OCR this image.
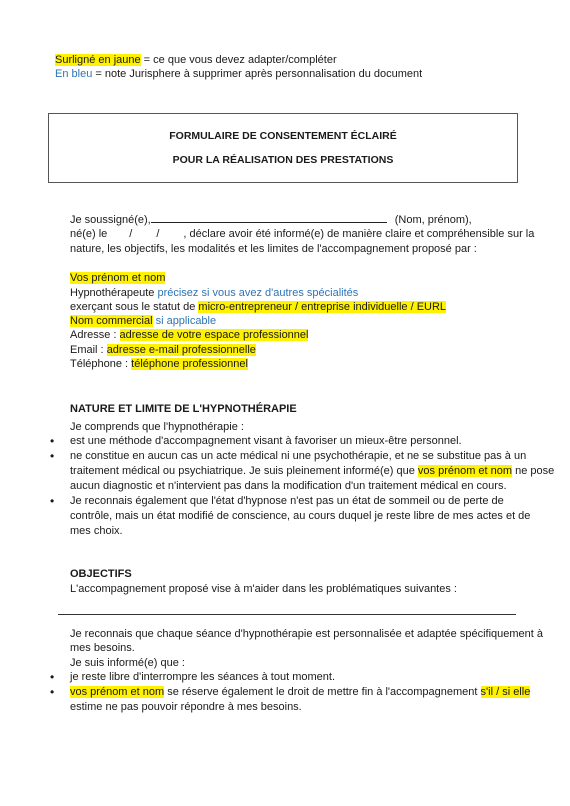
Surligné en jaune = ce que vous devez adapter/compléter
En bleu = note Jurisphere à supprimer après personnalisation du document
FORMULAIRE DE CONSENTEMENT ÉCLAIRÉ
POUR LA RÉALISATION DES PRESTATIONS
Je soussigné(e),	(Nom, prénom),
né(e) le / / , déclare avoir été informé(e) de manière claire et compréhensible sur la
nature, les objectifs, les modalités et les limites de l'accompagnement proposé par :
Vos prénom et nom
Hypnothérapeute précisez si vous avez d'autres spécialités
exerçant sous le statut de micro-entrepreneur / entreprise individuelle / EURL
Nom commercial si applicable
Adresse : adresse de votre espace professionnel
Email : adresse e-mail professionnelle
Téléphone : téléphone professionnel
NATURE ET LIMITE DE L'HYPNOTHÉRAPIE
Je comprends que l'hypnothérapie :
• est une méthode d'accompagnement visant à favoriser un mieux-être personnel.
• ne constitue en aucun cas un acte médical ni une psychothérapie, et ne se substitue pas à un
traitement médical ou psychiatrique. Je suis pleinement informé(e) que vos prénom et nom ne pose
aucun diagnostic et n'intervient pas dans la modification d'un traitement médical en cours.
• Je reconnais également que l'état d'hypnose n'est pas un état de sommeil ou de perte de
contrôle, mais un état modifié de conscience, au cours duquel je reste libre de mes actes et de
mes choix.
OBJECTIFS
L'accompagnement proposé vise à m'aider dans les problématiques suivantes :
Je reconnais que chaque séance d'hypnothérapie est personnalisée et adaptée spécifiquement à
mes besoins.
Je suis informé(e) que :
• je reste libre d'interrompre les séances à tout moment.
• vos prénom et nom se réserve également le droit de mettre fin à l'accompagnement s'il / si elle
estime ne pas pouvoir répondre à mes besoins.
